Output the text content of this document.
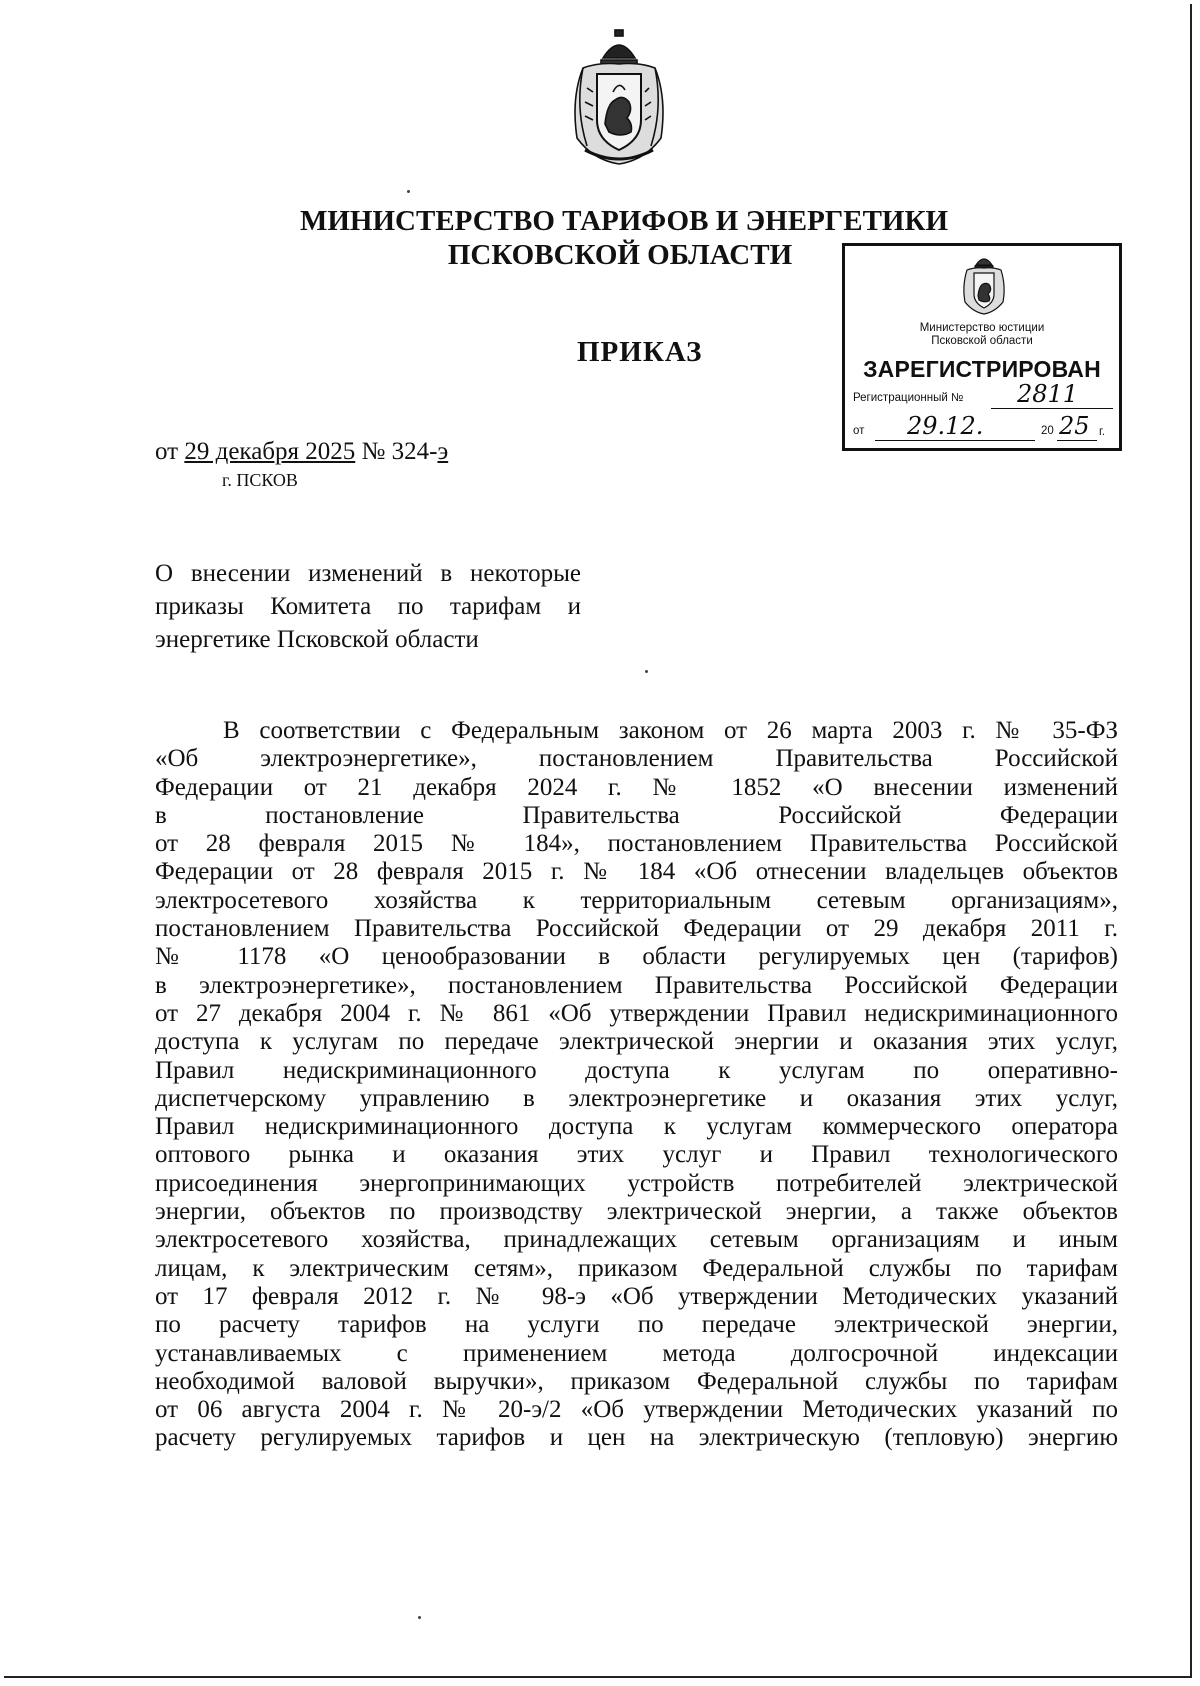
МИНИСТЕРСТВО ТАРИФОВ И ЭНЕРГЕТИКИ
ПСКОВСКОЙ ОБЛАСТИ
ПРИКАЗ
Министерство юстиции
Псковской области
ЗАРЕГИСТРИРОВАН
Регистрационный № 2811
от 29.12.	20 25 г.
от 29 декабря 2025 № 324-э
г. ПСКОВ
О внесении изменений в некоторые
приказы Комитета по тарифам и
энергетике Псковской области
В соответствии с Федеральным законом от 26 марта 2003 г. № 35-ФЗ
«Об электроэнергетике», постановлением Правительства Российской
Федерации от 21 декабря 2024 г. № 1852 «О внесении изменений
в постановление Правительства Российской Федерации
от 28 февраля 2015 № 184», постановлением Правительства Российской
Федерации от 28 февраля 2015 г. № 184 «Об отнесении владельцев объектов
электросетевого хозяйства к территориальным сетевым организациям»,
постановлением Правительства Российской Федерации от 29 декабря 2011 г.
№ 1178 «О ценообразовании в области регулируемых цен (тарифов)
в электроэнергетике», постановлением Правительства Российской Федерации
от 27 декабря 2004 г. № 861 «Об утверждении Правил недискриминационного
доступа к услугам по передаче электрической энергии и оказания этих услуг,
Правил недискриминационного доступа к услугам по оперативно-
диспетчерскому управлению в электроэнергетике и оказания этих услуг,
Правил недискриминационного доступа к услугам коммерческого оператора
оптового рынка и оказания этих услуг и Правил технологического
присоединения энергопринимающих устройств потребителей электрической
энергии, объектов по производству электрической энергии, а также объектов
электросетевого хозяйства, принадлежащих сетевым организациям и иным
лицам, к электрическим сетям», приказом Федеральной службы по тарифам
от 17 февраля 2012 г. № 98-э «Об утверждении Методических указаний
по расчету тарифов на услуги по передаче электрической энергии,
устанавливаемых с применением метода долгосрочной индексации
необходимой валовой выручки», приказом Федеральной службы по тарифам
от 06 августа 2004 г. № 20-э/2 «Об утверждении Методических указаний по
расчету регулируемых тарифов и цен на электрическую (тепловую) энергию
